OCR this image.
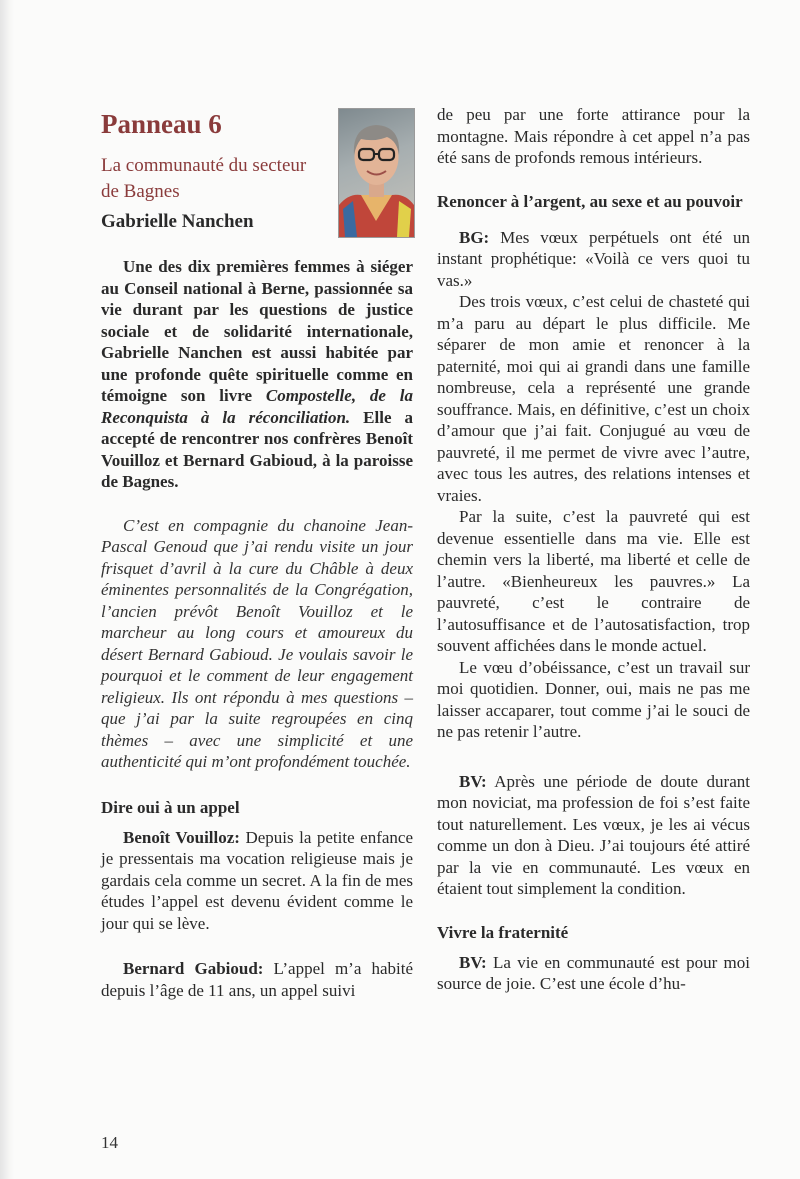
Panneau 6
La communauté du secteur de Bagnes
Gabrielle Nanchen

Une des dix premières femmes à siéger au Conseil national à Berne, passionnée sa vie durant par les questions de justice sociale et de solidarité internationale, Gabrielle Nanchen est aussi habitée par une profonde quête spirituelle comme en témoigne son livre Compostelle, de la Reconquista à la réconciliation. Elle a accepté de rencontrer nos confrères Benoît Vouilloz et Bernard Gabioud, à la paroisse de Bagnes.

C’est en compagnie du chanoine Jean-Pascal Genoud que j’ai rendu visite un jour frisquet d’avril à la cure du Châble à deux éminentes personnalités de la Congrégation, l’ancien prévôt Benoît Vouilloz et le marcheur au long cours et amoureux du désert Bernard Gabioud. Je voulais savoir le pourquoi et le comment de leur engagement religieux. Ils ont répondu à mes questions – que j’ai par la suite regroupées en cinq thèmes – avec une simplicité et une authenticité qui m’ont profondément touchée.

Dire oui à un appel

Benoît Vouilloz: Depuis la petite enfance je pressentais ma vocation religieuse mais je gardais cela comme un secret. A la fin de mes études l’appel est devenu évident comme le jour qui se lève.

Bernard Gabioud: L’appel m’a habité depuis l’âge de 11 ans, un appel suivi

de peu par une forte attirance pour la montagne. Mais répondre à cet appel n’a pas été sans de profonds remous intérieurs.

Renoncer à l’argent, au sexe et au pouvoir

BG: Mes vœux perpétuels ont été un instant prophétique: «Voilà ce vers quoi tu vas.»

Des trois vœux, c’est celui de chasteté qui m’a paru au départ le plus difficile. Me séparer de mon amie et renoncer à la paternité, moi qui ai grandi dans une famille nombreuse, cela a représenté une grande souffrance. Mais, en définitive, c’est un choix d’amour que j’ai fait. Conjugué au vœu de pauvreté, il me permet de vivre avec l’autre, avec tous les autres, des relations intenses et vraies.

Par la suite, c’est la pauvreté qui est devenue essentielle dans ma vie. Elle est chemin vers la liberté, ma liberté et celle de l’autre. «Bienheureux les pauvres.» La pauvreté, c’est le contraire de l’autosuffisance et de l’autosatisfaction, trop souvent affichées dans le monde actuel.

Le vœu d’obéissance, c’est un travail sur moi quotidien. Donner, oui, mais ne pas me laisser accaparer, tout comme j’ai le souci de ne pas retenir l’autre.

BV: Après une période de doute durant mon noviciat, ma profession de foi s’est faite tout naturellement. Les vœux, je les ai vécus comme un don à Dieu. J’ai toujours été attiré par la vie en communauté. Les vœux en étaient tout simplement la condition.

Vivre la fraternité

BV: La vie en communauté est pour moi source de joie. C’est une école d’hu-

14
